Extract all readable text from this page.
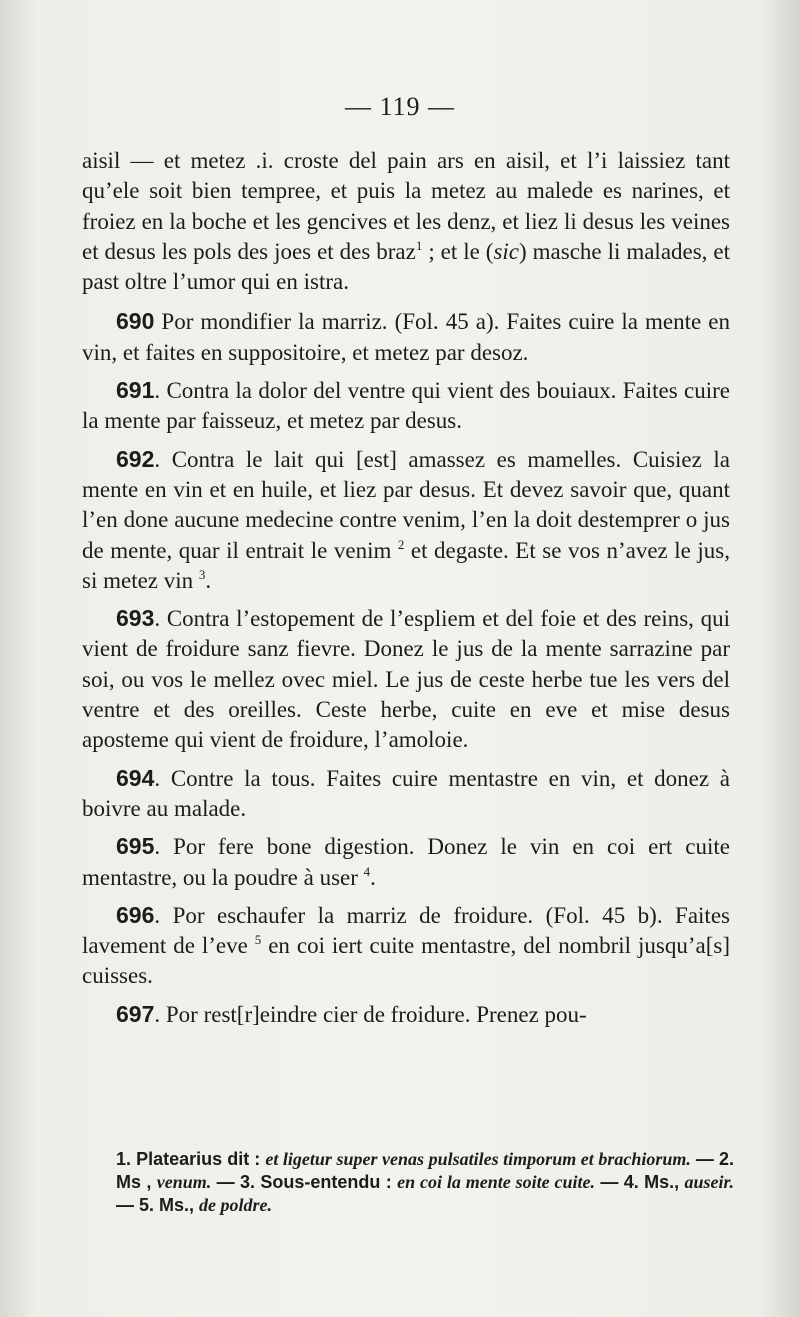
— 119 —

aisil — et metez .i. croste del pain ars en aisil, et l’i laissiez tant qu’ele soit bien tempree, et puis la metez au malede es narines, et froiez en la boche et les gencives et les denz, et liez li desus les veines et desus les pols des joes et des braz$^1$ ; et le (sic) masche li malades, et past oltre l’umor qui en istra.

690 Por mondifier la marriz. (Fol. 45 a). Faites cuire la mente en vin, et faites en suppositoire, et metez par desoz.

691. Contra la dolor del ventre qui vient des bouiaux. Faites cuire la mente par faisseuz, et metez par desus.

692. Contra le lait qui [est] amassez es mamelles. Cuisiez la mente en vin et en huile, et liez par desus. Et devez savoir que, quant l’en done aucune medecine contre venim, l’en la doit destemprer o jus de mente, quar il entrait le venim $^2$ et degaste. Et se vos n’avez le jus, si metez vin $^3$.

693. Contra l’estopement de l’espliem et del foie et des reins, qui vient de froidure sanz fievre. Donez le jus de la mente sarrazine par soi, ou vos le mellez ovec miel. Le jus de ceste herbe tue les vers del ventre et des oreilles. Ceste herbe, cuite en eve et mise desus apostеme qui vient de froidure, l’amoloie.

694. Contre la tous. Faites cuire mentastre en vin, et donez à boivre au malade.

695. Por fere bone digestion. Donez le vin en coi ert cuite mentastre, ou la poudre à user $^4$.

696. Por eschaufer la marriz de froidure. (Fol. 45 b). Faites lavement de l’eve $^5$ en coi iert cuite mentastre, del nombril jusqu’a[s] cuisses.

697. Por rest[r]eindre cier de froidure. Prenez pou-

1. Platearius dit : et ligetur super venas pulsatiles timporum et brachiorum. — 2. Ms , venum. — 3. Sous-entendu : en coi la mente soite cuite. — 4. Ms., auseir. — 5. Ms., de poldre.
